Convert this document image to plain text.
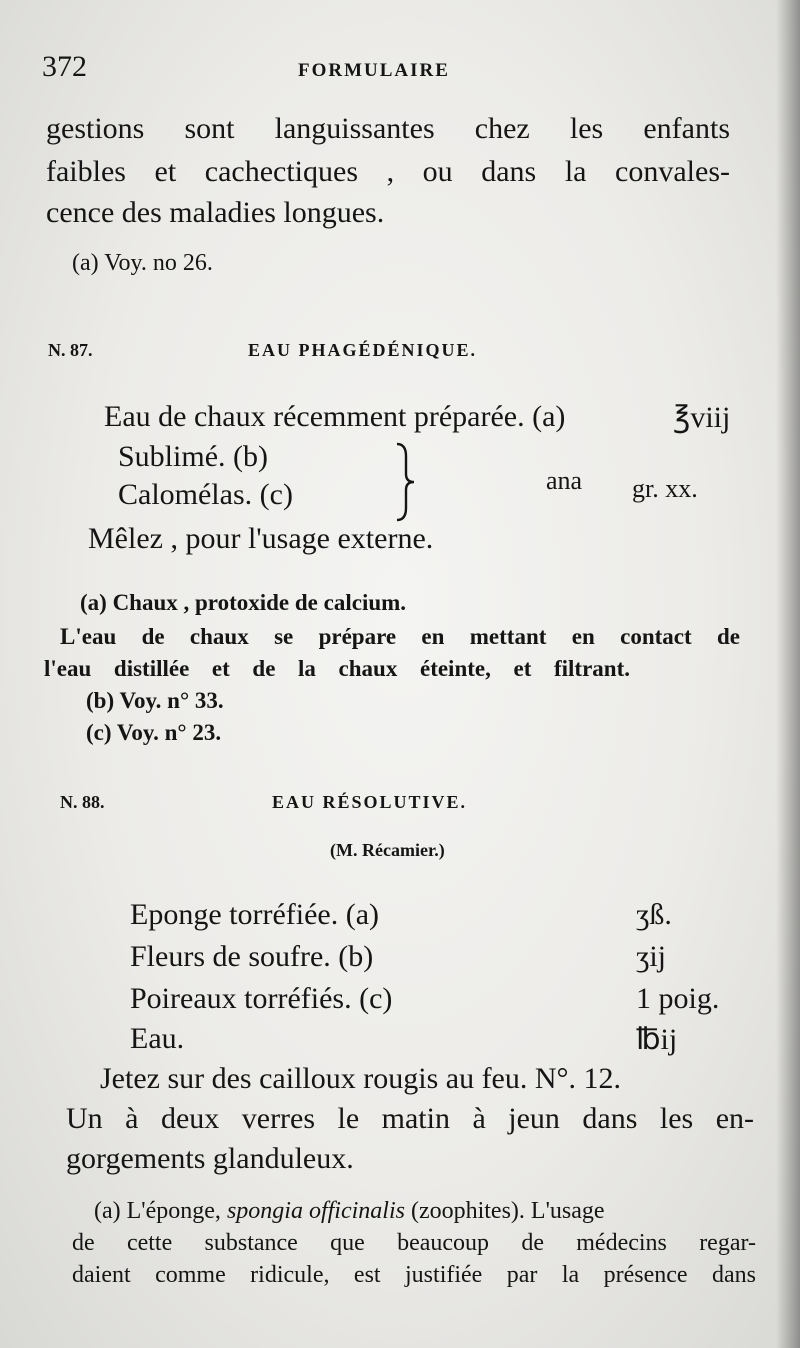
372	FORMULAIRE
gestions sont languissantes chez les enfants
faibles et cachectiques , ou dans la convales-
cence des maladies longues.
(a) Voy. no 26.
N. 87.	EAU PHAGÉDÉNIQUE.
Eau de chaux récemment préparée. (a)	℥viij
Sublimé. (b)
Calomélas. (c)	ana gr. xx.
Mêlez , pour l'usage externe.
(a) Chaux , protoxide de calcium.
L'eau de chaux se prépare en mettant en contact de
l'eau distillée et de la chaux éteinte, et filtrant.
(b) Voy. n° 33.
(c) Voy. n° 23.
N. 88.	EAU RÉSOLUTIVE.
(M. Récamier.)
Eponge torréfiée. (a)	ʒß.
Fleurs de soufre. (b)	ʒij
Poireaux torréfiés. (c)	1 poig.
Eau.	℔ij
Jetez sur des cailloux rougis au feu. N°. 12.
Un à deux verres le matin à jeun dans les en-
gorgements glanduleux.
(a) L'éponge, spongia officinalis (zoophites). L'usage
de cette substance que beaucoup de médecins regar-
daient comme ridicule, est justifiée par la présence dans
